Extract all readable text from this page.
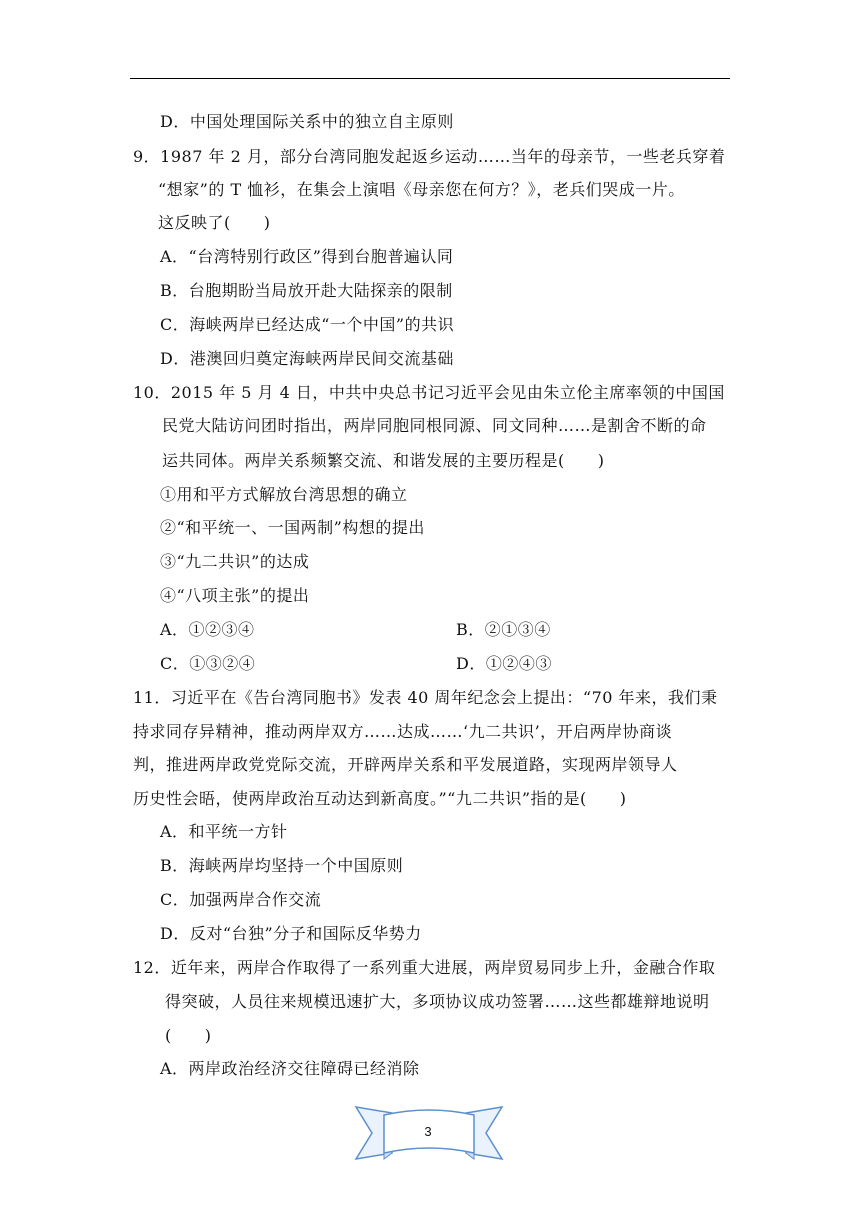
D．中国处理国际关系中的独立自主原则
9．1987 年 2 月，部分台湾同胞发起返乡运动……当年的母亲节，一些老兵穿着
“想家”的 T 恤衫，在集会上演唱《母亲您在何方？》，老兵们哭成一片。
这反映了(　　)
A．“台湾特别行政区”得到台胞普遍认同
B．台胞期盼当局放开赴大陆探亲的限制
C．海峡两岸已经达成“一个中国”的共识
D．港澳回归奠定海峡两岸民间交流基础
10．2015 年 5 月 4 日，中共中央总书记习近平会见由朱立伦主席率领的中国国
民党大陆访问团时指出，两岸同胞同根同源、同文同种……是割舍不断的命
运共同体。两岸关系频繁交流、和谐发展的主要历程是(　　)
①用和平方式解放台湾思想的确立
②“和平统一、一国两制”构想的提出
③“九二共识”的达成
④“八项主张”的提出
A．①②③④	B．②①③④
C．①③②④	D．①②④③
11．习近平在《告台湾同胞书》发表 40 周年纪念会上提出：“70 年来，我们秉
持求同存异精神，推动两岸双方……达成……‘九二共识’，开启两岸协商谈
判，推进两岸政党党际交流，开辟两岸关系和平发展道路，实现两岸领导人
历史性会晤，使两岸政治互动达到新高度。”“九二共识”指的是(　　)
A．和平统一方针
B．海峡两岸均坚持一个中国原则
C．加强两岸合作交流
D．反对“台独”分子和国际反华势力
12．近年来，两岸合作取得了一系列重大进展，两岸贸易同步上升，金融合作取
得突破，人员往来规模迅速扩大，多项协议成功签署……这些都雄辩地说明
(　　)
A．两岸政治经济交往障碍已经消除
3
